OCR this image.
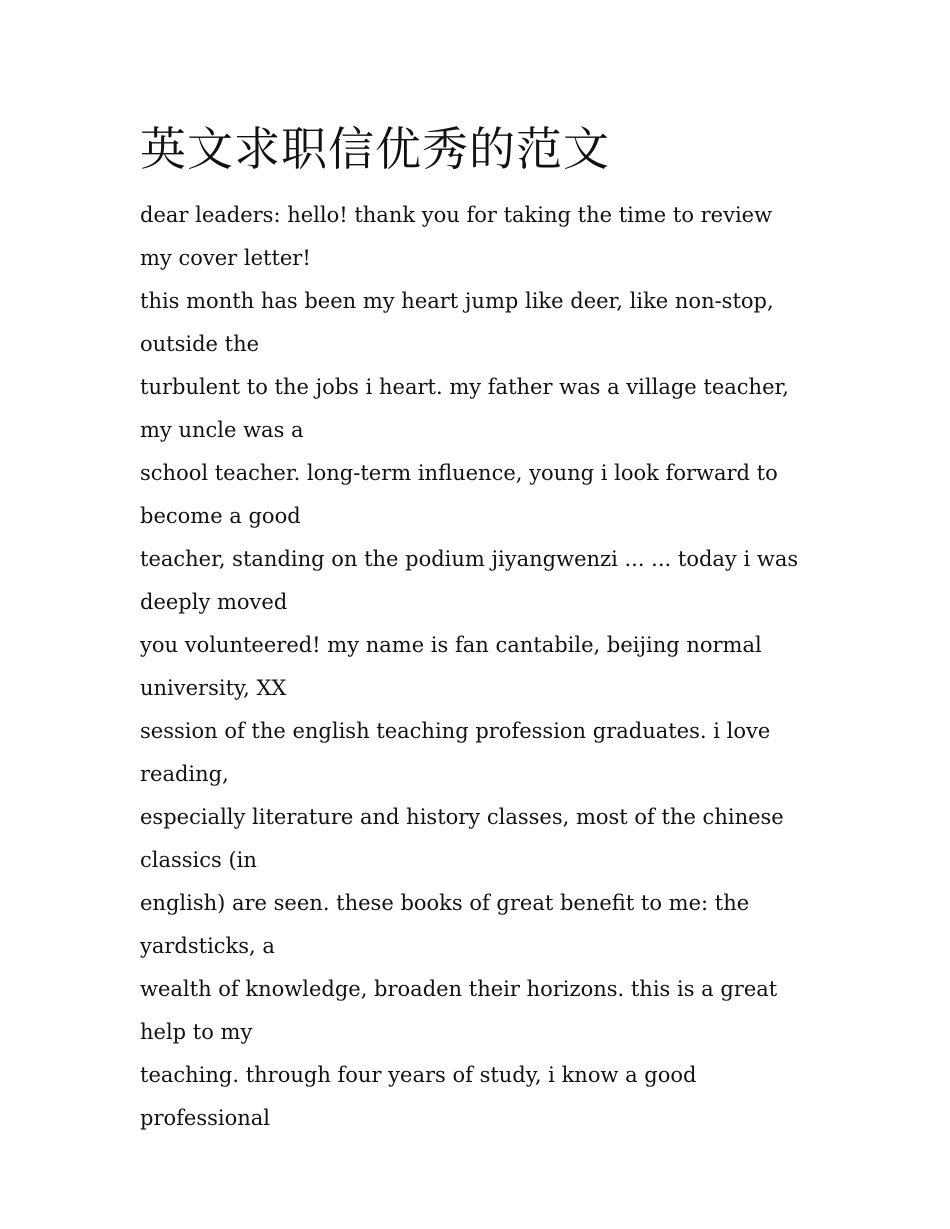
英文求职信优秀的范文

dear leaders: hello! thank you for taking the time to review my cover letter!

this month has been my heart jump like deer, like non-stop, outside the

turbulent to the jobs i heart. my father was a village teacher, my uncle was a

school teacher. long-term influence, young i look forward to become a good

teacher, standing on the podium jiyangwenzi ... ... today i was deeply moved

you volunteered! my name is fan cantabile, beijing normal university, XX

session of the english teaching profession graduates. i love reading,

especially literature and history classes, most of the chinese classics (in

english) are seen. these books of great benefit to me: the yardsticks, a

wealth of knowledge, broaden their horizons. this is a great help to my

teaching. through four years of study, i know a good professional
